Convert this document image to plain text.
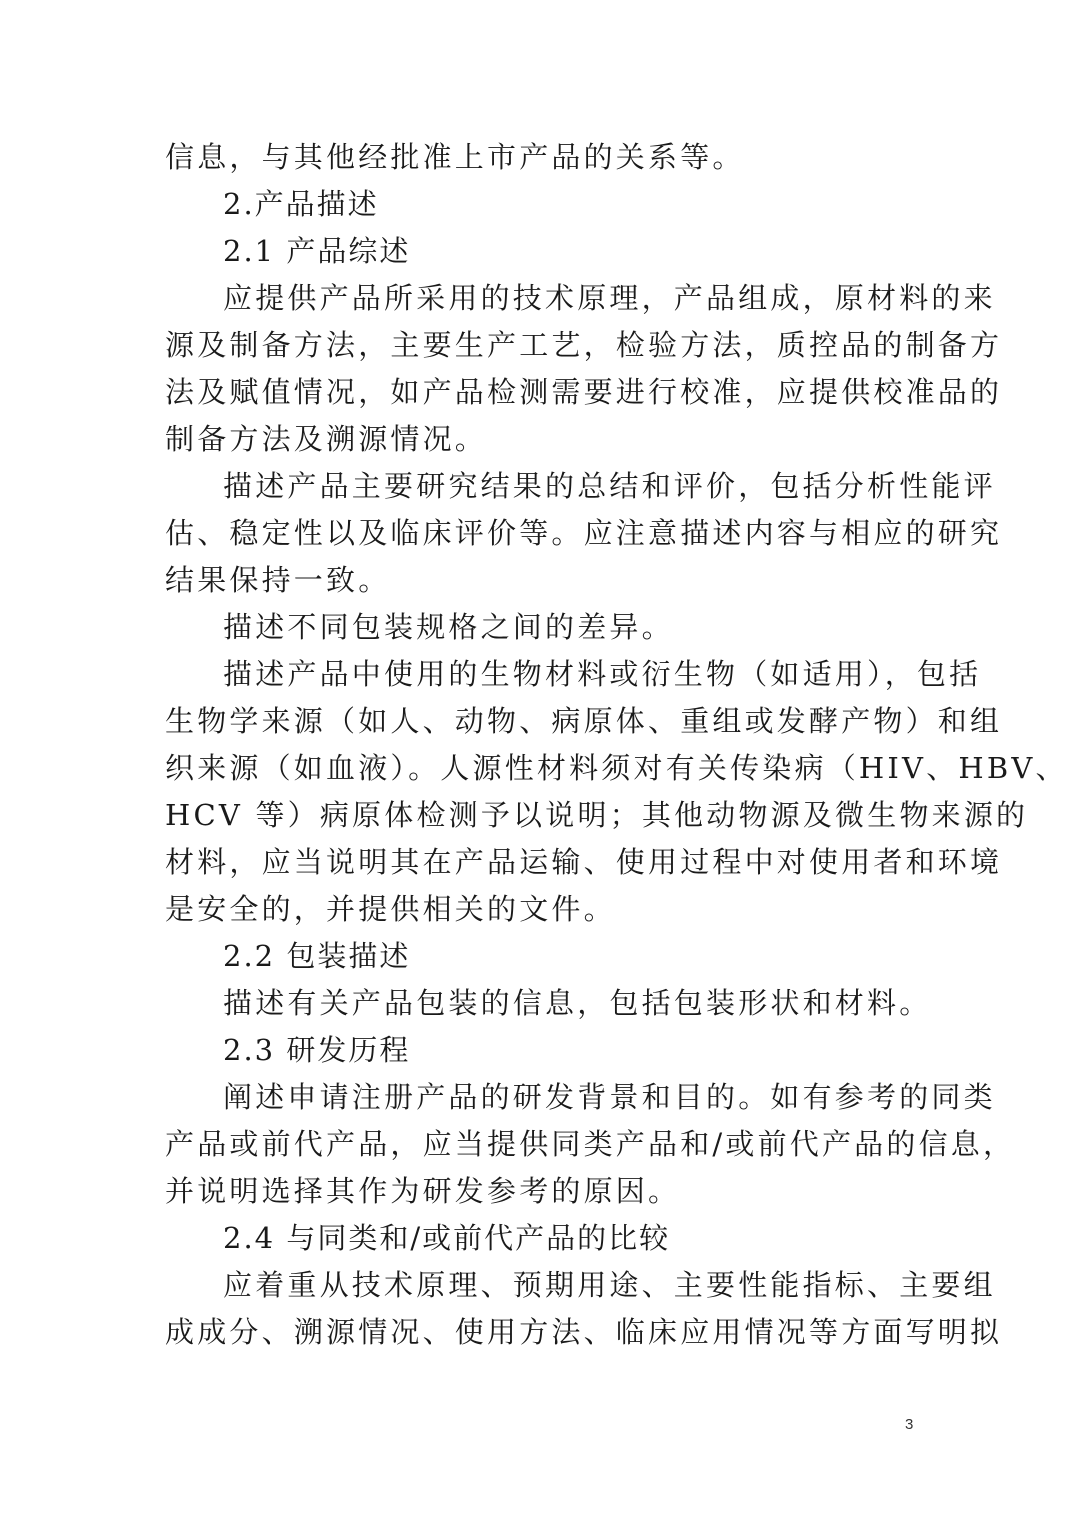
信息，与其他经批准上市产品的关系等。
2.产品描述
2.1 产品综述
应提供产品所采用的技术原理，产品组成，原材料的来
源及制备方法，主要生产工艺，检验方法，质控品的制备方
法及赋值情况，如产品检测需要进行校准，应提供校准品的
制备方法及溯源情况。
描述产品主要研究结果的总结和评价，包括分析性能评
估、稳定性以及临床评价等。应注意描述内容与相应的研究
结果保持一致。
描述不同包装规格之间的差异。
描述产品中使用的生物材料或衍生物（如适用），包括
生物学来源（如人、动物、病原体、重组或发酵产物）和组
织来源（如血液）。人源性材料须对有关传染病（HIV、HBV、
HCV 等）病原体检测予以说明；其他动物源及微生物来源的
材料，应当说明其在产品运输、使用过程中对使用者和环境
是安全的，并提供相关的文件。
2.2 包装描述
描述有关产品包装的信息，包括包装形状和材料。
2.3 研发历程
阐述申请注册产品的研发背景和目的。如有参考的同类
产品或前代产品，应当提供同类产品和/或前代产品的信息，
并说明选择其作为研发参考的原因。
2.4 与同类和/或前代产品的比较
应着重从技术原理、预期用途、主要性能指标、主要组
成成分、溯源情况、使用方法、临床应用情况等方面写明拟
3
